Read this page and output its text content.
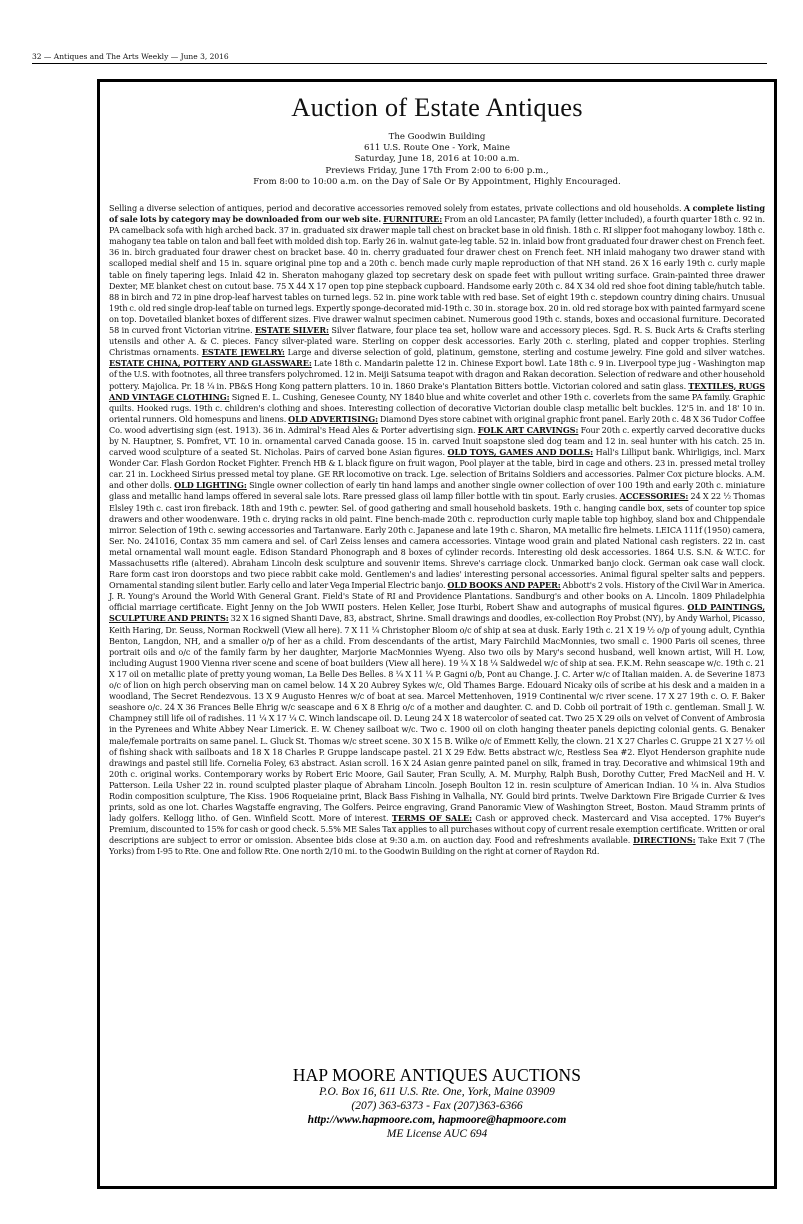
32 — Antiques and The Arts Weekly — June 3, 2016
Auction of Estate Antiques
The Goodwin Building
611 U.S. Route One - York, Maine
Saturday, June 18, 2016 at 10:00 a.m.
Previews Friday, June 17th From 2:00 to 6:00 p.m.,
From 8:00 to 10:00 a.m. on the Day of Sale Or By Appointment, Highly Encouraged.
Selling a diverse selection of antiques, period and decorative accessories removed solely from estates, private collections and old households. A complete listing of sale lots by category may be downloaded from our web site. FURNITURE: From an old Lancaster, PA family (letter included), a fourth quarter 18th c. 92 in. PA camelback sofa with high arched back. 37 in. graduated six drawer maple tall chest on bracket base in old finish. 18th c. RI slipper foot mahogany lowboy. 18th c. mahogany tea table on talon and ball feet with molded dish top. Early 26 in. walnut gate-leg table. 52 in. inlaid bow front graduated four drawer chest on French feet. 36 in. birch graduated four drawer chest on bracket base. 40 in. cherry graduated four drawer chest on French feet. NH inlaid mahogany two drawer stand with scalloped medial shelf and 15 in. square original pine top and a 20th c. bench made curly maple reproduction of that NH stand. 26 X 16 early 19th c. curly maple table on finely tapering legs. Inlaid 42 in. Sheraton mahogany glazed top secretary desk on spade feet with pullout writing surface. Grain-painted three drawer Dexter, ME blanket chest on cutout base. 75 X 44 X 17 open top pine stepback cupboard. Handsome early 20th c. 84 X 34 old red shoe foot dining table/hutch table. 88 in birch and 72 in pine drop-leaf harvest tables on turned legs. 52 in. pine work table with red base. Set of eight 19th c. stepdown country dining chairs. Unusual 19th c. old red single drop-leaf table on turned legs. Expertly sponge-decorated mid-19th c. 30 in. storage box. 20 in. old red storage box with painted farmyard scene on top. Dovetailed blanket boxes of different sizes. Five drawer walnut specimen cabinet. Numerous good 19th c. stands, boxes and occasional furniture. Decorated 58 in curved front Victorian vitrine. ESTATE SILVER: Silver flatware, four place tea set, hollow ware and accessory pieces. Sgd. R. S. Buck Arts & Crafts sterling utensils and other A. & C. pieces. Fancy silver-plated ware. Sterling on copper desk accessories. Early 20th c. sterling, plated and copper trophies. Sterling Christmas ornaments. ESTATE JEWELRY: Large and diverse selection of gold, platinum, gemstone, sterling and costume jewelry. Fine gold and silver watches. ESTATE CHINA, POTTERY AND GLASSWARE: Late 18th c. Mandarin palette 12 in. Chinese Export bowl. Late 18th c. 9 in. Liverpool type jug - Washington map of the U.S. with footnotes, all three transfers polychromed. 12 in. Meiji Satsuma teapot with dragon and Rakan decoration. Selection of redware and other household pottery. Majolica. Pr. 18 ¼ in. PB&S Hong Kong pattern platters. 10 in. 1860 Drake's Plantation Bitters bottle. Victorian colored and satin glass. TEXTILES, RUGS AND VINTAGE CLOTHING: Signed E. L. Cushing, Genesee County, NY 1840 blue and white coverlet and other 19th c. coverlets from the same PA family. Graphic quilts. Hooked rugs. 19th c. children's clothing and shoes. Interesting collection of decorative Victorian double clasp metallic belt buckles. 12'5 in. and 18' 10 in. oriental runners. Old homespuns and linens. OLD ADVERTISING: Diamond Dyes store cabinet with original graphic front panel. Early 20th c. 48 X 36 Tudor Coffee Co. wood advertising sign (est. 1913). 36 in. Admiral's Head Ales & Porter advertising sign. FOLK ART CARVINGS: Four 20th c. expertly carved decorative ducks by N. Hauptner, S. Pomfret, VT. 10 in. ornamental carved Canada goose. 15 in. carved Inuit soapstone sled dog team and 12 in. seal hunter with his catch. 25 in. carved wood sculpture of a seated St. Nicholas. Pairs of carved bone Asian figures. OLD TOYS, GAMES AND DOLLS: Hall's Lilliput bank. Whirligigs, incl. Marx Wonder Car. Flash Gordon Rocket Fighter. French HB & L black figure on fruit wagon, Pool player at the table, bird in cage and others. 23 in. pressed metal trolley car. 21 in. Lockheed Sirius pressed metal toy plane. GE RR locomotive on track. Lge. selection of Britains Soldiers and accessories. Palmer Cox picture blocks. A.M. and other dolls. OLD LIGHTING: Single owner collection of early tin hand lamps and another single owner collection of over 100 19th and early 20th c. miniature glass and metallic hand lamps offered in several sale lots. Rare pressed glass oil lamp filler bottle with tin spout. Early crusies. ACCESSORIES: 24 X 22 ½ Thomas Elsley 19th c. cast iron fireback. 18th and 19th c. pewter. Sel. of good gathering and small household baskets. 19th c. hanging candle box, sets of counter top spice drawers and other woodenware. 19th c. drying racks in old paint. Fine bench-made 20th c. reproduction curly maple table top highboy, sland box and Chippendale mirror. Selection of 19th c. sewing accessories and Tartanware. Early 20th c. Japanese and late 19th c. Sharon, MA metallic fire helmets. LEICA 111f (1950) camera, Ser. No. 241016, Contax 35 mm camera and sel. of Carl Zeiss lenses and camera accessories. Vintage wood grain and plated National cash registers. 22 in. cast metal ornamental wall mount eagle. Edison Standard Phonograph and 8 boxes of cylinder records. Interesting old desk accessories. 1864 U.S. S.N. & W.T.C. for Massachusetts rifle (altered). Abraham Lincoln desk sculpture and souvenir items. Shreve's carriage clock. Unmarked banjo clock. German oak case wall clock. Rare form cast iron doorstops and two piece rabbit cake mold. Gentlemen's and ladies' interesting personal accessories. Animal figural spelter salts and peppers. Ornamental standing silent butler. Early cello and later Vega Imperial Electric banjo. OLD BOOKS AND PAPER: Abbott's 2 vols. History of the Civil War in America. J. R. Young's Around the World With General Grant. Field's State of RI and Providence Plantations. Sandburg's and other books on A. Lincoln. 1809 Philadelphia official marriage certificate. Eight Jenny on the Job WWII posters. Helen Keller, Jose Iturbi, Robert Shaw and autographs of musical figures. OLD PAINTINGS, SCULPTURE AND PRINTS: 32 X 16 signed Shanti Dave, 83, abstract, Shrine. Small drawings and doodles, ex-collection Roy Probst (NY), by Andy Warhol, Picasso, Keith Haring, Dr. Seuss, Norman Rockwell (View all here). 7 X 11 ¼ Christopher Bloom o/c of ship at sea at dusk. Early 19th c. 21 X 19 ½ o/p of young adult, Cynthia Benton, Langdon, NH, and a smaller o/p of her as a child. From descendants of the artist, Mary Fairchild MacMonnies, two small c. 1900 Paris oil scenes, three portrait oils and o/c of the family farm by her daughter, Marjorie MacMonnies Wyeng. Also two oils by Mary's second husband, well known artist, Will H. Low, including August 1900 Vienna river scene and scene of boat builders (View all here). 19 ¼ X 18 ¼ Saldwedel w/c of ship at sea. F.K.M. Rehn seascape w/c. 19th c. 21 X 17 oil on metallic plate of pretty young woman, La Belle Des Belles. 8 ¼ X 11 ¼ P. Gagni o/b, Pont au Change. J. C. Arter w/c of Italian maiden. A. de Severine 1873 o/c of lion on high perch observing man on camel below. 14 X 20 Aubrey Sykes w/c, Old Thames Barge. Edouard Nicaky oils of scribe at his desk and a maiden in a woodland, The Secret Rendezvous. 13 X 9 Augusto Henres w/c of boat at sea. Marcel Mettenhoven, 1919 Continental w/c river scene. 17 X 27 19th c. O. F. Baker seashore o/c. 24 X 36 Frances Belle Ehrig w/c seascape and 6 X 8 Ehrig o/c of a mother and daughter. C. and D. Cobb oil portrait of 19th c. gentleman. Small J. W. Champney still life oil of radishes. 11 ¼ X 17 ¼ C. Winch landscape oil. D. Leung 24 X 18 watercolor of seated cat. Two 25 X 29 oils on velvet of Convent of Ambrosia in the Pyrenees and White Abbey Near Limerick. E. W. Cheney sailboat w/c. Two c. 1900 oil on cloth hanging theater panels depicting colonial gents. G. Benaker male/female portraits on same panel. L. Gluck St. Thomas w/c street scene. 30 X 15 B. Wilke o/c of Emmett Kelly, the clown. 21 X 27 Charles C. Gruppe 21 X 27 ½ oil of fishing shack with sailboats and 18 X 18 Charles P. Gruppe landscape pastel. 21 X 29 Edw. Betts abstract w/c, Restless Sea #2. Elyot Henderson graphite nude drawings and pastel still life. Cornelia Foley, 63 abstract. Asian scroll. 16 X 24 Asian genre painted panel on silk, framed in tray. Decorative and whimsical 19th and 20th c. original works. Contemporary works by Robert Eric Moore, Gail Sauter, Fran Scully, A. M. Murphy, Ralph Bush, Dorothy Cutter, Fred MacNeil and H. V. Patterson. Leila Usher 22 in. round sculpted plaster plaque of Abraham Lincoln. Joseph Boulton 12 in. resin sculpture of American Indian. 10 ¼ in. Alva Studios Rodin composition sculpture, The Kiss. 1906 Roqueiaine print, Black Bass Fishing in Valhalla, NY. Gould bird prints. Twelve Darktown Fire Brigade Currier & Ives prints, sold as one lot. Charles Wagstaffe engraving, The Golfers. Peirce engraving, Grand Panoramic View of Washington Street, Boston. Maud Stramm prints of lady golfers. Kellogg litho. of Gen. Winfield Scott. More of interest. TERMS OF SALE: Cash or approved check. Mastercard and Visa accepted. 17% Buyer's Premium, discounted to 15% for cash or good check. 5.5% ME Sales Tax applies to all purchases without copy of current resale exemption certificate. Written or oral descriptions are subject to error or omission. Absentee bids close at 9:30 a.m. on auction day. Food and refreshments available. DIRECTIONS: Take Exit 7 (The Yorks) from I-95 to Rte. One and follow Rte. One north 2/10 mi. to the Goodwin Building on the right at corner of Raydon Rd.
HAP MOORE ANTIQUES AUCTIONS
P.O. Box 16, 611 U.S. Rte. One, York, Maine 03909
(207) 363-6373 - Fax (207)363-6366
http://www.hapmoore.com, hapmoore@hapmoore.com
ME License AUC 694
